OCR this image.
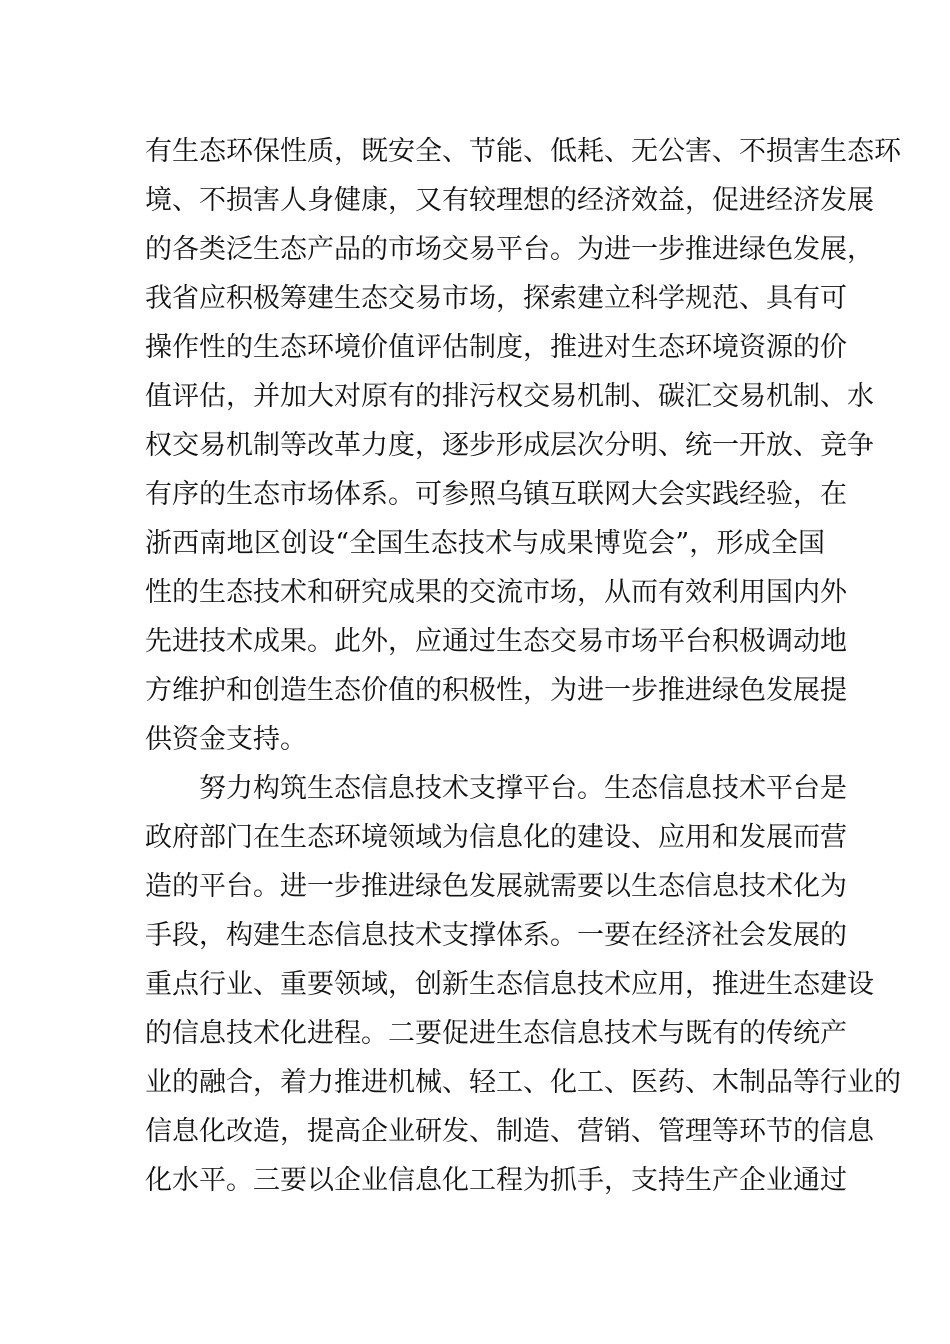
有生态环保性质，既安全、节能、低耗、无公害、不损害生态环
境、不损害人身健康，又有较理想的经济效益，促进经济发展
的各类泛生态产品的市场交易平台。为进一步推进绿色发展，
我省应积极筹建生态交易市场，探索建立科学规范、具有可
操作性的生态环境价值评估制度，推进对生态环境资源的价
值评估，并加大对原有的排污权交易机制、碳汇交易机制、水
权交易机制等改革力度，逐步形成层次分明、统一开放、竞争
有序的生态市场体系。可参照乌镇互联网大会实践经验，在
浙西南地区创设“全国生态技术与成果博览会”，形成全国
性的生态技术和研究成果的交流市场，从而有效利用国内外
先进技术成果。此外，应通过生态交易市场平台积极调动地
方维护和创造生态价值的积极性，为进一步推进绿色发展提
供资金支持。
努力构筑生态信息技术支撑平台。生态信息技术平台是
政府部门在生态环境领域为信息化的建设、应用和发展而营
造的平台。进一步推进绿色发展就需要以生态信息技术化为
手段，构建生态信息技术支撑体系。一要在经济社会发展的
重点行业、重要领域，创新生态信息技术应用，推进生态建设
的信息技术化进程。二要促进生态信息技术与既有的传统产
业的融合，着力推进机械、轻工、化工、医药、木制品等行业的
信息化改造，提高企业研发、制造、营销、管理等环节的信息
化水平。三要以企业信息化工程为抓手，支持生产企业通过
